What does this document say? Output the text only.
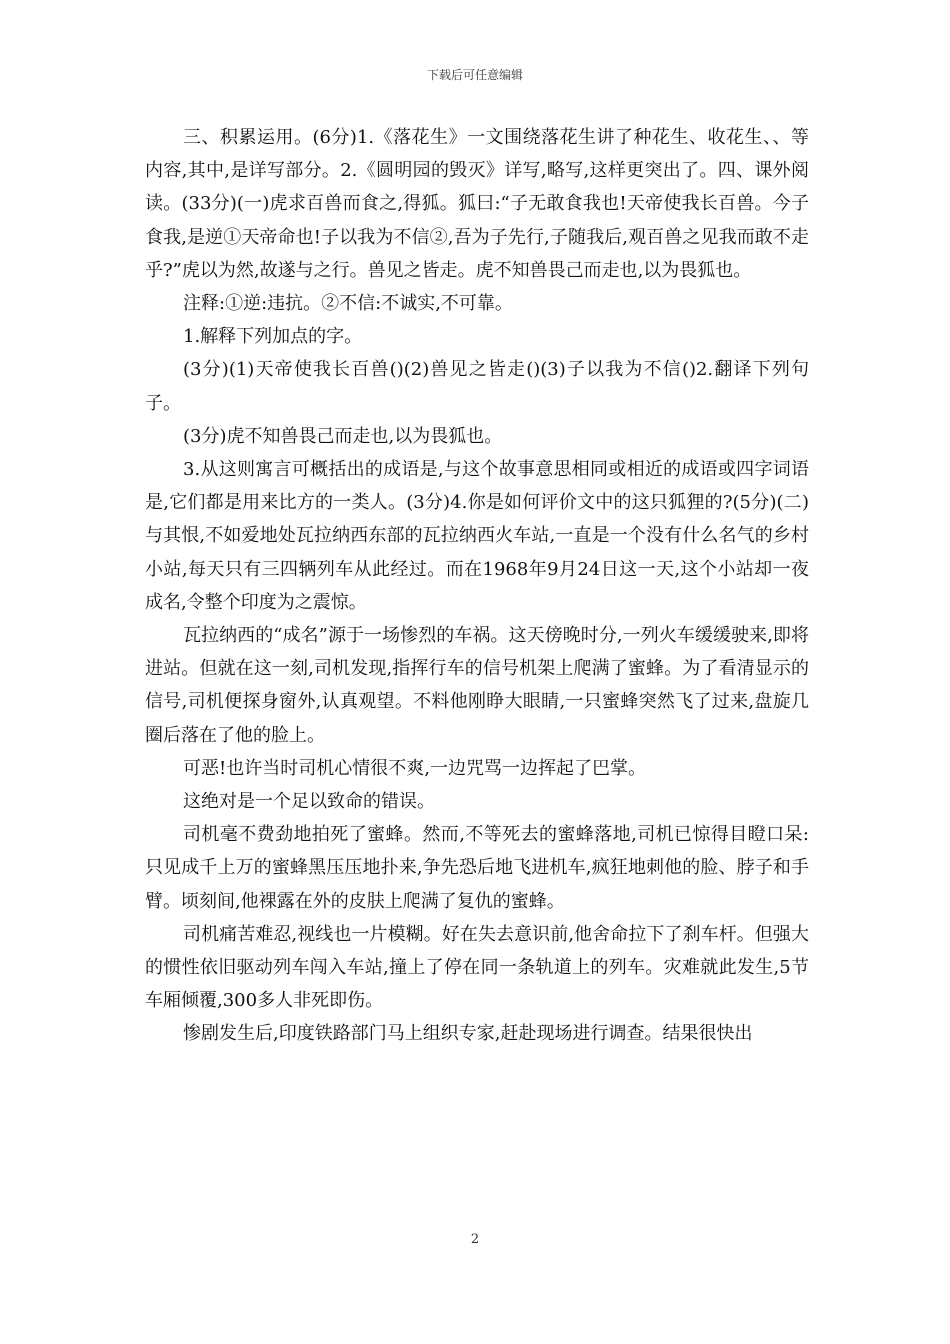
下载后可任意编辑

三、积累运用。(6分)1.《落花生》一文围绕落花生讲了种花生、收花生、、等内容,其中,是详写部分。2.《圆明园的毁灭》详写,略写,这样更突出了。四、课外阅读。(33分)(一)虎求百兽而食之,得狐。狐曰:“子无敢食我也!天帝使我长百兽。今子食我,是逆①天帝命也!子以我为不信②,吾为子先行,子随我后,观百兽之见我而敢不走乎?”虎以为然,故遂与之行。兽见之皆走。虎不知兽畏己而走也,以为畏狐也。

注释:①逆:违抗。②不信:不诚实,不可靠。

1.解释下列加点的字。

(3分)(1)天帝使我长百兽()(2)兽见之皆走()(3)子以我为不信()2.翻译下列句子。

(3分)虎不知兽畏己而走也,以为畏狐也。

3.从这则寓言可概括出的成语是,与这个故事意思相同或相近的成语或四字词语是,它们都是用来比方的一类人。(3分)4.你是如何评价文中的这只狐狸的?(5分)(二)与其恨,不如爱地处瓦拉纳西东部的瓦拉纳西火车站,一直是一个没有什么名气的乡村小站,每天只有三四辆列车从此经过。而在1968年9月24日这一天,这个小站却一夜成名,令整个印度为之震惊。

瓦拉纳西的“成名”源于一场惨烈的车祸。这天傍晚时分,一列火车缓缓驶来,即将进站。但就在这一刻,司机发现,指挥行车的信号机架上爬满了蜜蜂。为了看清显示的信号,司机便探身窗外,认真观望。不料他刚睁大眼睛,一只蜜蜂突然飞了过来,盘旋几圈后落在了他的脸上。

可恶!也许当时司机心情很不爽,一边咒骂一边挥起了巴掌。

这绝对是一个足以致命的错误。

司机毫不费劲地拍死了蜜蜂。然而,不等死去的蜜蜂落地,司机已惊得目瞪口呆:只见成千上万的蜜蜂黑压压地扑来,争先恐后地飞进机车,疯狂地刺他的脸、脖子和手臂。顷刻间,他裸露在外的皮肤上爬满了复仇的蜜蜂。

司机痛苦难忍,视线也一片模糊。好在失去意识前,他舍命拉下了刹车杆。但强大的惯性依旧驱动列车闯入车站,撞上了停在同一条轨道上的列车。灾难就此发生,5节车厢倾覆,300多人非死即伤。

惨剧发生后,印度铁路部门马上组织专家,赶赴现场进行调查。结果很快出

2
